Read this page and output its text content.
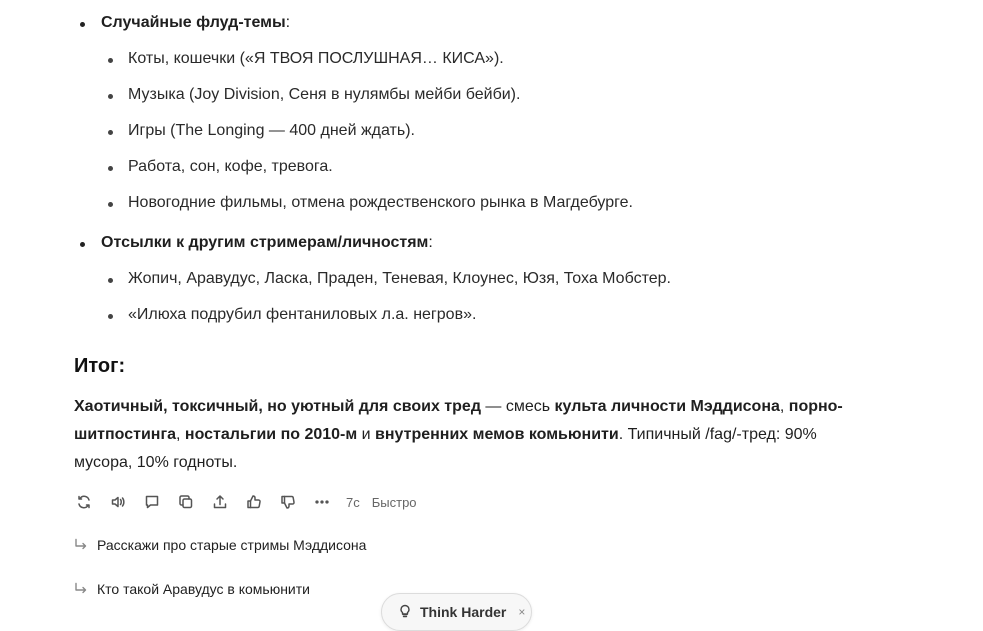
Случайные флуд-темы:
Коты, кошечки («Я ТВОЯ ПОСЛУШНАЯ… КИСА»).
Музыка (Joy Division, Сеня в нулямбы мейби бейби).
Игры (The Longing — 400 дней ждать).
Работа, сон, кофе, тревога.
Новогодние фильмы, отмена рождественского рынка в Магдебурге.
Отсылки к другим стримерам/личностям:
Жопич, Аравудус, Ласка, Праден, Теневая, Клоунес, Юзя, Тоха Мобстер.
«Илюха подрубил фентаниловых л.а. негров».
Итог:
Хаотичный, токсичный, но уютный для своих тред — смесь культа личности Мэддисона, порно-шитпостинга, ностальгии по 2010-м и внутренних мемов комьюнити. Типичный /fag/-тред: 90% мусора, 10% годноты.
7с Быстро
Расскажи про старые стримы Мэддисона
Кто такой Аравудус в комьюнити
Think Harder ×
